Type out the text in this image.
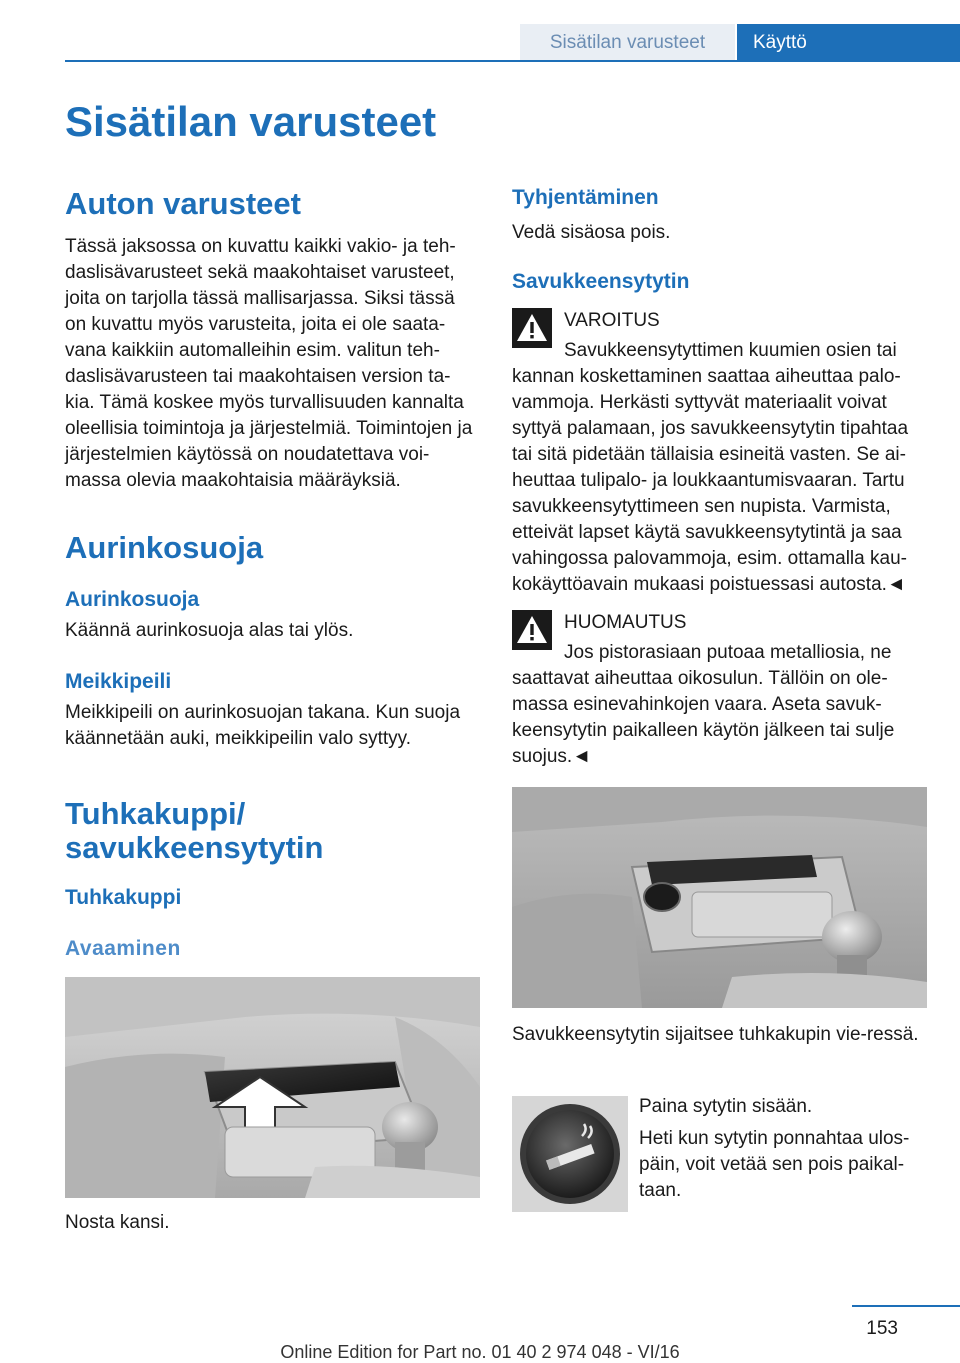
Sisätilan varusteet	Käyttö
Sisätilan varusteet
Auton varusteet

Tässä jaksossa on kuvattu kaikki vakio- ja teh-daslisävarusteet sekä maakohtaiset varusteet, joita on tarjolla tässä mallisarjassa. Siksi tässä on kuvattu myös varusteita, joita ei ole saata-vana kaikkiin automalleihin esim. valitun teh-daslisävarusteen tai maakohtaisen version ta-kia. Tämä koskee myös turvallisuuden kannalta oleellisia toimintoja ja järjestelmiä. Toimintojen ja järjestelmien käytössä on noudatettava voi-massa olevia maakohtaisia määräyksiä.

Aurinkosuoja
Aurinkosuoja

Käännä aurinkosuoja alas tai ylös.

Meikkipeili

Meikkipeili on aurinkosuojan takana. Kun suoja käännetään auki, meikkipeilin valo syttyy.

Tuhkakuppi/
savukkeensytytin
Tuhkakuppi
Avaaminen

Nosta kansi.

Tyhjentäminen

Vedä sisäosa pois.

Savukkeensytytin

VAROITUS

Savukkeensytyttimen kuumien osien tai

kannan koskettaminen saattaa aiheuttaa palo-vammoja. Herkästi syttyvät materiaalit voivat syttyä palamaan, jos savukkeensytytin tipahtaa tai sitä pidetään tällaisia esineitä vasten. Se ai-heuttaa tulipalo- ja loukkaantumisvaaran. Tartu savukkeensytyttimeen sen nupista. Varmista, etteivät lapset käytä savukkeensytytintä ja saa vahingossa palovammoja, esim. ottamalla kau-kokäyttöavain mukaasi poistuessasi autosta.◄

HUOMAUTUS

Jos pistorasiaan putoaa metalliosia, ne

saattavat aiheuttaa oikosulun. Tällöin on ole-massa esinevahinkojen vaara. Aseta savuk-keensytytin paikalleen käytön jälkeen tai sulje suojus.◄

Savukkeensytytin sijaitsee tuhkakupin vie-ressä.

Paina sytytin sisään.

Heti kun sytytin ponnahtaa ulos-päin, voit vetää sen pois paikal-taan.

153
Online Edition for Part no. 01 40 2 974 048 - VI/16
